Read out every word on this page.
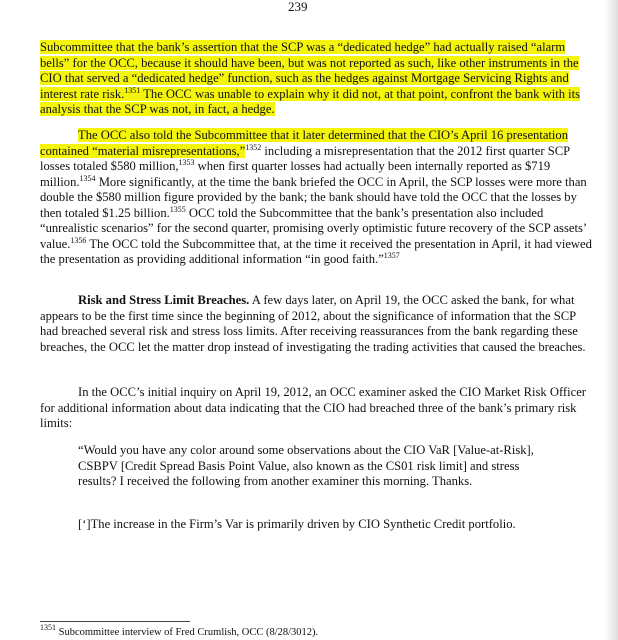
239

Subcommittee that the bank’s assertion that the SCP was a “dedicated hedge” had actually raised “alarm bells” for the OCC, because it should have been, but was not reported as such, like other instruments in the CIO that served a “dedicated hedge” function, such as the hedges against Mortgage Servicing Rights and interest rate risk.$^{1351}$ The OCC was unable to explain why it did not, at that point, confront the bank with its analysis that the SCP was not, in fact, a hedge.

The OCC also told the Subcommittee that it later determined that the CIO’s April 16 presentation contained “material misrepresentations,”$^{1352}$ including a misrepresentation that the 2012 first quarter SCP losses totaled $580 million,$^{1353}$ when first quarter losses had actually been internally reported as $719 million.$^{1354}$ More significantly, at the time the bank briefed the OCC in April, the SCP losses were more than double the $580 million figure provided by the bank; the bank should have told the OCC that the losses by then totaled $1.25 billion.$^{1355}$ OCC told the Subcommittee that the bank’s presentation also included “unrealistic scenarios” for the second quarter, promising overly optimistic future recovery of the SCP assets’ value.$^{1356}$ The OCC told the Subcommittee that, at the time it received the presentation in April, it had viewed the presentation as providing additional information “in good faith.”$^{1357}$

Risk and Stress Limit Breaches. A few days later, on April 19, the OCC asked the bank, for what appears to be the first time since the beginning of 2012, about the significance of information that the SCP had breached several risk and stress loss limits. After receiving reassurances from the bank regarding these breaches, the OCC let the matter drop instead of investigating the trading activities that caused the breaches.

In the OCC’s initial inquiry on April 19, 2012, an OCC examiner asked the CIO Market Risk Officer for additional information about data indicating that the CIO had breached three of the bank’s primary risk limits:

“Would you have any color around some observations about the CIO VaR [Value-at-Risk], CSBPV [Credit Spread Basis Point Value, also known as the CS01 risk limit] and stress results? I received the following from another examiner this morning. Thanks.

[‘]The increase in the Firm’s Var is primarily driven by CIO Synthetic Credit portfolio.

$^{1351}$ Subcommittee interview of Fred Crumlish, OCC (8/28/3012).
